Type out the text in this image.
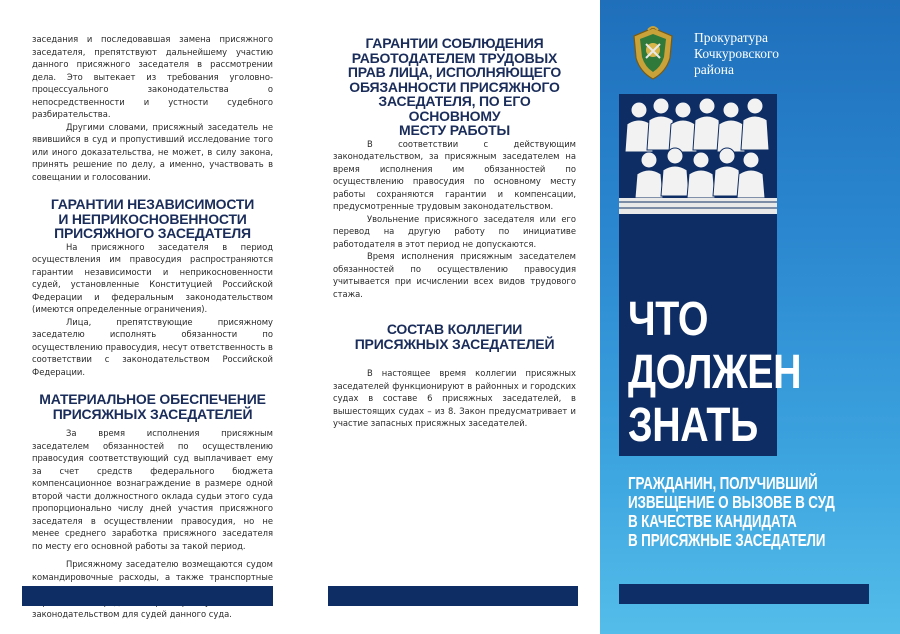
заседания и последовавшая замена присяжного заседателя, препятствуют дальнейшему участию данного присяжного заседателя в рассмотрении дела. Это вытекает из требования уголовно-процессуального законодательства о непосредственности и устности судебного разбирательства.

Другими словами, присяжный заседатель не явившийся в суд и пропустивший исследование того или иного доказательства, не может, в силу закона, принять решение по делу, а именно, участвовать в совещании и голосовании.

ГАРАНТИИ НЕЗАВИСИМОСТИ
И НЕПРИКОСНОВЕННОСТИ
ПРИСЯЖНОГО ЗАСЕДАТЕЛЯ

На присяжного заседателя в период осуществления им правосудия распространяются гарантии независимости и неприкосновенности судей, установленные Конституцией Российской Федерации и федеральным законодательством (имеются определенные ограничения).

Лица, препятствующие присяжному заседателю исполнять обязанности по осуществлению правосудия, несут ответственность в соответствии с законодательством Российской Федерации.

МАТЕРИАЛЬНОЕ ОБЕСПЕЧЕНИЕ
ПРИСЯЖНЫХ ЗАСЕДАТЕЛЕЙ

За время исполнения присяжным заседателем обязанностей по осуществлению правосудия соответствующий суд выплачивает ему за счет средств федерального бюджета компенсационное вознаграждение в размере одной второй части должностного оклада судьи этого суда пропорционально числу дней участия присяжного заседателя в осуществлении правосудия, но не менее среднего заработка присяжного заседателя по месту его основной работы за такой период.

Присяжному заседателю возмещаются судом командировочные расходы, а также транспортные законодательством для судей данного суда.

ГАРАНТИИ СОБЛЮДЕНИЯ
РАБОТОДАТЕЛЕМ ТРУДОВЫХ
ПРАВ ЛИЦА, ИСПОЛНЯЮЩЕГО
ОБЯЗАННОСТИ ПРИСЯЖНОГО
ЗАСЕДАТЕЛЯ, ПО ЕГО ОСНОВНОМУ
МЕСТУ РАБОТЫ

В соответствии с действующим законодательством, за присяжным заседателем на время исполнения им обязанностей по осуществлению правосудия по основному месту работы сохраняются гарантии и компенсации, предусмотренные трудовым законодательством.

Увольнение присяжного заседателя или его перевод на другую работу по инициативе работодателя в этот период не допускаются.

Время исполнения присяжным заседателем обязанностей по осуществлению правосудия учитывается при исчислении всех видов трудового стажа.

СОСТАВ КОЛЛЕГИИ
ПРИСЯЖНЫХ ЗАСЕДАТЕЛЕЙ

В настоящее время коллегии присяжных заседателей функционируют в районных и городских судах в составе 6 присяжных заседателей, в вышестоящих судах – из 8. Закон предусматривает и участие запасных присяжных заседателей.

Прокуратура
Кочкуровского
района
ЧТО
ДОЛЖЕН
ЗНАТЬ
ГРАЖДАНИН, ПОЛУЧИВШИЙ
ИЗВЕЩЕНИЕ О ВЫЗОВЕ В СУД
В КАЧЕСТВЕ КАНДИДАТА
В ПРИСЯЖНЫЕ ЗАСЕДАТЕЛИ
